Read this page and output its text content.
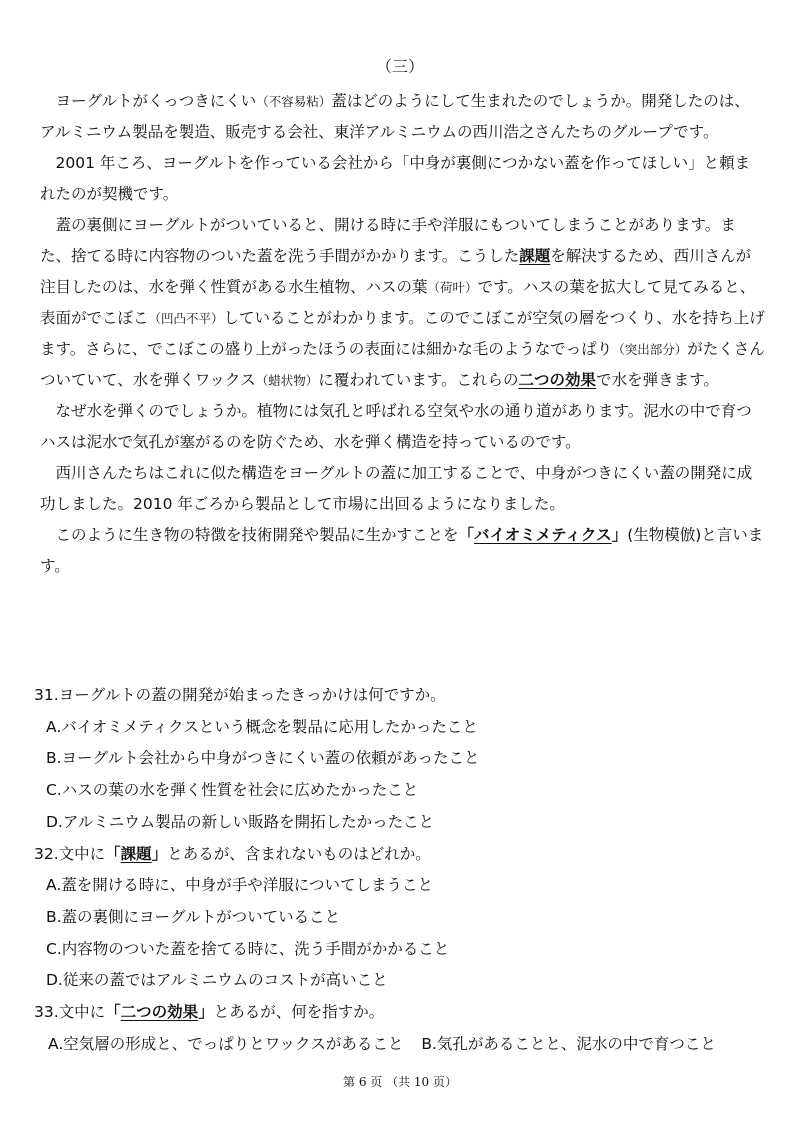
（三）

ヨーグルトがくっつきにくい（不容易粘）蓋はどのようにして生まれたのでしょうか。開発したのは、アルミニウム製品を製造、販売する会社、東洋アルミニウムの西川浩之さんたちのグループです。

2001 年ころ、ヨーグルトを作っている会社から「中身が裏側につかない蓋を作ってほしい」と頼まれたのが契機です。

蓋の裏側にヨーグルトがついていると、開ける時に手や洋服にもついてしまうことがあります。また、捨てる時に内容物のついた蓋を洗う手間がかかります。こうした課題を解決するため、西川さんが注目したのは、水を弾く性質がある水生植物、ハスの葉（荷叶）です。ハスの葉を拡大して見てみると、表面がでこぼこ（凹凸不平）していることがわかります。このでこぼこが空気の層をつくり、水を持ち上げます。さらに、でこぼこの盛り上がったほうの表面には細かな毛のようなでっぱり（突出部分）がたくさんついていて、水を弾くワックス（蜡状物）に覆われています。これらの二つの効果で水を弾きます。

なぜ水を弾くのでしょうか。植物には気孔と呼ばれる空気や水の通り道があります。泥水の中で育つハスは泥水で気孔が塞がるのを防ぐため、水を弾く構造を持っているのです。

西川さんたちはこれに似た構造をヨーグルトの蓋に加工することで、中身がつきにくい蓋の開発に成功しました。2010 年ごろから製品として市場に出回るようになりました。

このように生き物の特徴を技術開発や製品に生かすことを「バイオミメティクス」(生物模倣)と言います。

31.ヨーグルトの蓋の開発が始まったきっかけは何ですか。

A.バイオミメティクスという概念を製品に応用したかったこと

B.ヨーグルト会社から中身がつきにくい蓋の依頼があったこと

C.ハスの葉の水を弾く性質を社会に広めたかったこと

D.アルミニウム製品の新しい販路を開拓したかったこと

32.文中に「課題」とあるが、含まれないものはどれか。

A.蓋を開ける時に、中身が手や洋服についてしまうこと

B.蓋の裏側にヨーグルトがついていること

C.内容物のついた蓋を捨てる時に、洗う手間がかかること

D.従来の蓋ではアルミニウムのコストが高いこと

33.文中に「二つの効果」とあるが、何を指すか。

A.空気層の形成と、でっぱりとワックスがあること B.気孔があることと、泥水の中で育つこと
第 6 页 （共 10 页）
